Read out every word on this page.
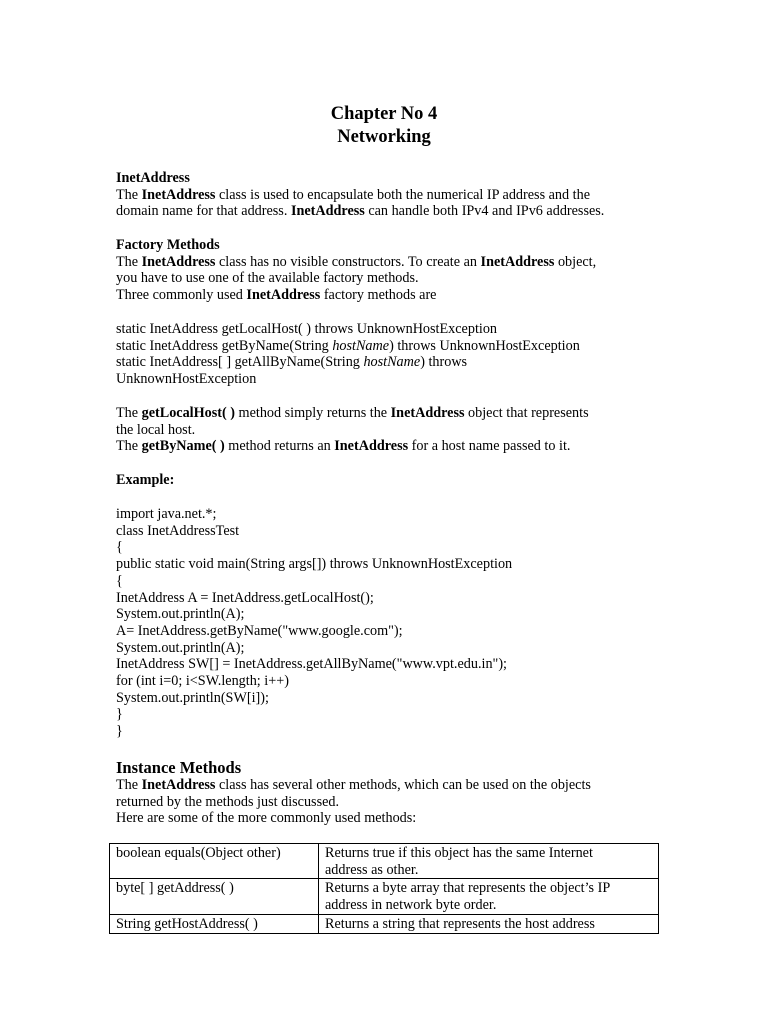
Chapter No 4
Networking
InetAddress
The InetAddress class is used to encapsulate both the numerical IP address and the
domain name for that address. InetAddress can handle both IPv4 and IPv6 addresses.
Factory Methods
The InetAddress class has no visible constructors. To create an InetAddress object,
you have to use one of the available factory methods.
Three commonly used InetAddress factory methods are
static InetAddress getLocalHost( ) throws UnknownHostException
static InetAddress getByName(String hostName) throws UnknownHostException
static InetAddress[ ] getAllByName(String hostName) throws
UnknownHostException
The getLocalHost( ) method simply returns the InetAddress object that represents
the local host.
The getByName( ) method returns an InetAddress for a host name passed to it.
Example:
import java.net.*;
class InetAddressTest
{
public static void main(String args[]) throws UnknownHostException
{
InetAddress A = InetAddress.getLocalHost();
System.out.println(A);
A= InetAddress.getByName("www.google.com");
System.out.println(A);
InetAddress SW[] = InetAddress.getAllByName("www.vpt.edu.in");
for (int i=0; i<SW.length; i++)
System.out.println(SW[i]);
}
}
Instance Methods
The InetAddress class has several other methods, which can be used on the objects
returned by the methods just discussed.
Here are some of the more commonly used methods:
boolean equals(Object other)	Returns true if this object has the same Internet
address as other.

byte[ ] getAddress( )	Returns a byte array that represents the object’s IP
address in network byte order.

String getHostAddress( )	Returns a string that represents the host address
